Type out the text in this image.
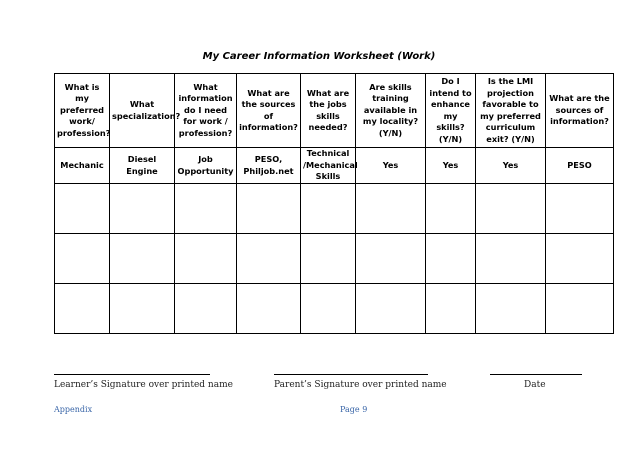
My Career Information Worksheet (Work)
What is my preferred work/ profession?	What specialization?	What information do I need for work / profession?	What are the sources of information?	What are the jobs skills needed?	Are skills training available in my locality? (Y/N)	Do I intend to enhance my skills? (Y/N)	Is the LMI projection favorable to my preferred curriculum exit? (Y/N)	What are the sources of information?
Mechanic	Diesel Engine	Job Opportunity	PESO, Philjob.net	Technical /Mechanical Skills	Yes	Yes	Yes	PESO

Learner’s Signature over printed name	Parent’s Signature over printed name	Date
Appendix	Page 9
